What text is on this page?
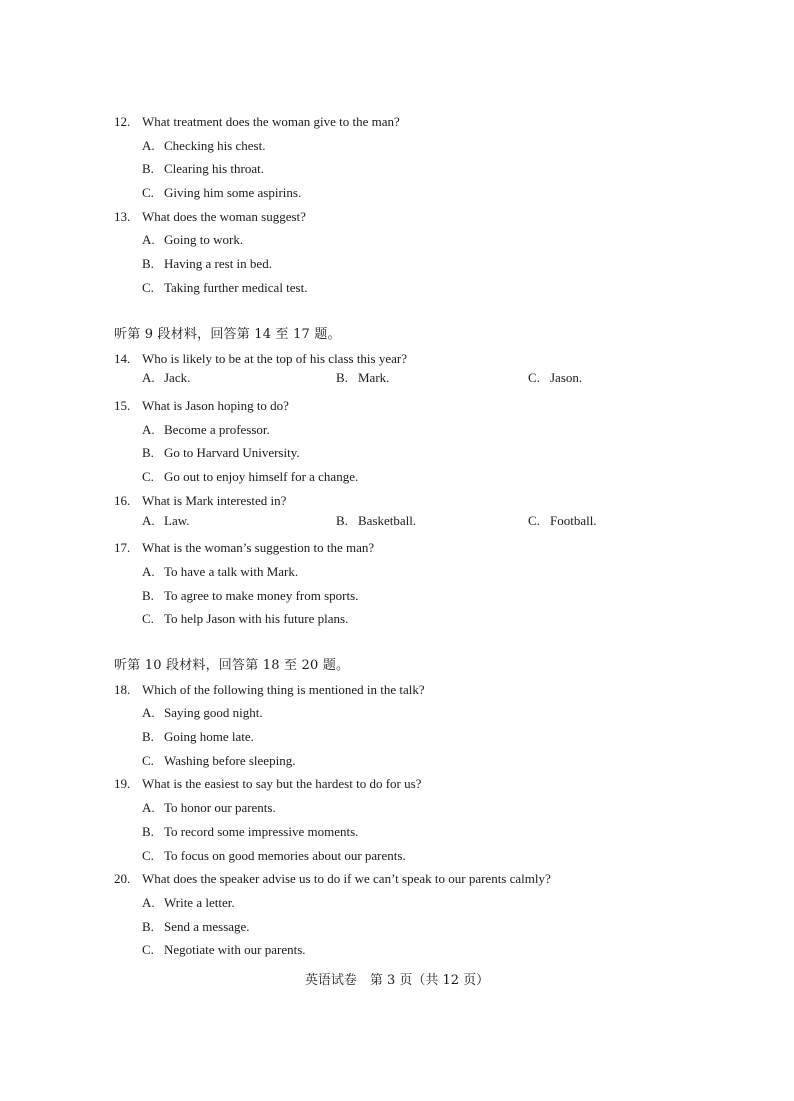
12. What treatment does the woman give to the man?
A. Checking his chest.
B. Clearing his throat.
C. Giving him some aspirins.
13. What does the woman suggest?
A. Going to work.
B. Having a rest in bed.
C. Taking further medical test.
听第 9 段材料，回答第 14 至 17 题。
14. Who is likely to be at the top of his class this year?
A. Jack.	B. Mark.	C. Jason.
15. What is Jason hoping to do?
A. Become a professor.
B. Go to Harvard University.
C. Go out to enjoy himself for a change.
16. What is Mark interested in?
A. Law.	B. Basketball.	C. Football.
17. What is the woman’s suggestion to the man?
A. To have a talk with Mark.
B. To agree to make money from sports.
C. To help Jason with his future plans.
听第 10 段材料，回答第 18 至 20 题。
18. Which of the following thing is mentioned in the talk?
A. Saying good night.
B. Going home late.
C. Washing before sleeping.
19. What is the easiest to say but the hardest to do for us?
A. To honor our parents.
B. To record some impressive moments.
C. To focus on good memories about our parents.
20. What does the speaker advise us to do if we can’t speak to our parents calmly?
A. Write a letter.
B. Send a message.
C. Negotiate with our parents.
英语试卷　第 3 页（共 12 页）
